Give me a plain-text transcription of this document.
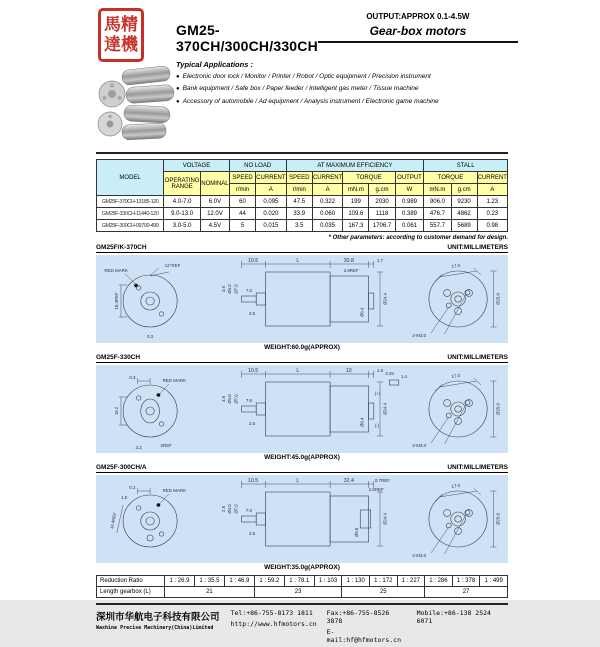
馬達
精機
GM25-370CH/300CH/330CH
OUTPUT:APPROX 0.1-4.5W
Gear-box motors
Typical Applications :
● Electronic door lock / Monitor / Printer / Robot / Optic equipment / Precision instrument
● Bank equipment / Safe box / Paper feeder / Intelligent gas meter / Tissue machine
● Accessory of automobile / Ad equipment / Analysis instrument / Electronic game machine
MODEL	VOLTAGE		NO LOAD		AT MAXIMUM EFFICIENCY					STALL		
	OPERATING RANGE	NOMINAL	SPEED	CURRENT	SPEED	CURRENT	TORQUE		OUTPUT	TORQUE		CURRENT
			r/min	A	r/min	A	mN.m	g.cm	W	mN.m	g.cm	A
GM25F-370CH-13185-120	4.0-7.0	6.0V	60	0.095	47.5	0.322	199	2030	0.989	906.0	9230	1.23
GM25F-330CH-11440-120	9.0-13.0	12.0V	44	0.020	33.9	0.060	109.6	1118	0.389	476.7	4862	0.23
GM25F-300CH-09700-499	3.0-5.0	4.5V	5	0.015	3.5	0.035	167.3	1706.7	0.061	557.7	5689	0.98
* Other parameters: according to customer demand for design.
GM25F/K-370CH	UNIT:MILLIMETERS
RED MARK
12°REF
18.3REF
0.3
10.5	L	30.8	1.7
3.9REF
3.5 Ø4.0 Ø7.0 7.0
2.5	Ø6.4
Ø24.4
17.0
Ø25.0
2-M3.0
WEIGHT:60.0g(APPROX)
GM25F-330CH	UNIT:MILLIMETERS
RED MARK
0.3
16.2
3.2	2REF
10.5	L	10	1.9
3.5 Ø4.0 Ø7.0 7.6
2.5
(+)
(-)
3.25
1.4
Ø6.4
Ø24.4
17.0
Ø25.0
2-M3.0
WEIGHT:45.0g(APPROX)
GM25F-300CH/A	UNIT:MILLIMETERS
RED MARK
0.2
14.4REF
1.5
10.5	L	32.4	0.7REF
2.6REF
2.5 Ø4.0 Ø7.0 7.0
2.5	Ø5.6
Ø24.4
17.0
Ø25.0
2-M3.0
WEIGHT:35.0g(APPROX)
Reduction Ratio	1 : 26.9	1 : 35.5	1 : 46.9	1 : 59.2	1 : 78.1	1 : 103	1 : 130	1 : 172	1 : 227	1 : 286	1 : 378	1 : 499
Length gearbox (L)	21			23			25			27		
深圳市华航电子科技有限公司
Washine Precise Machinery(China)Limited
Tel:+86-755-8173 1811
http://www.hfmotors.cn
Fax:+86-755-8526 3878
E-mail:hf@hfmotors.cn
Mobile:+86-138 2524 6071
